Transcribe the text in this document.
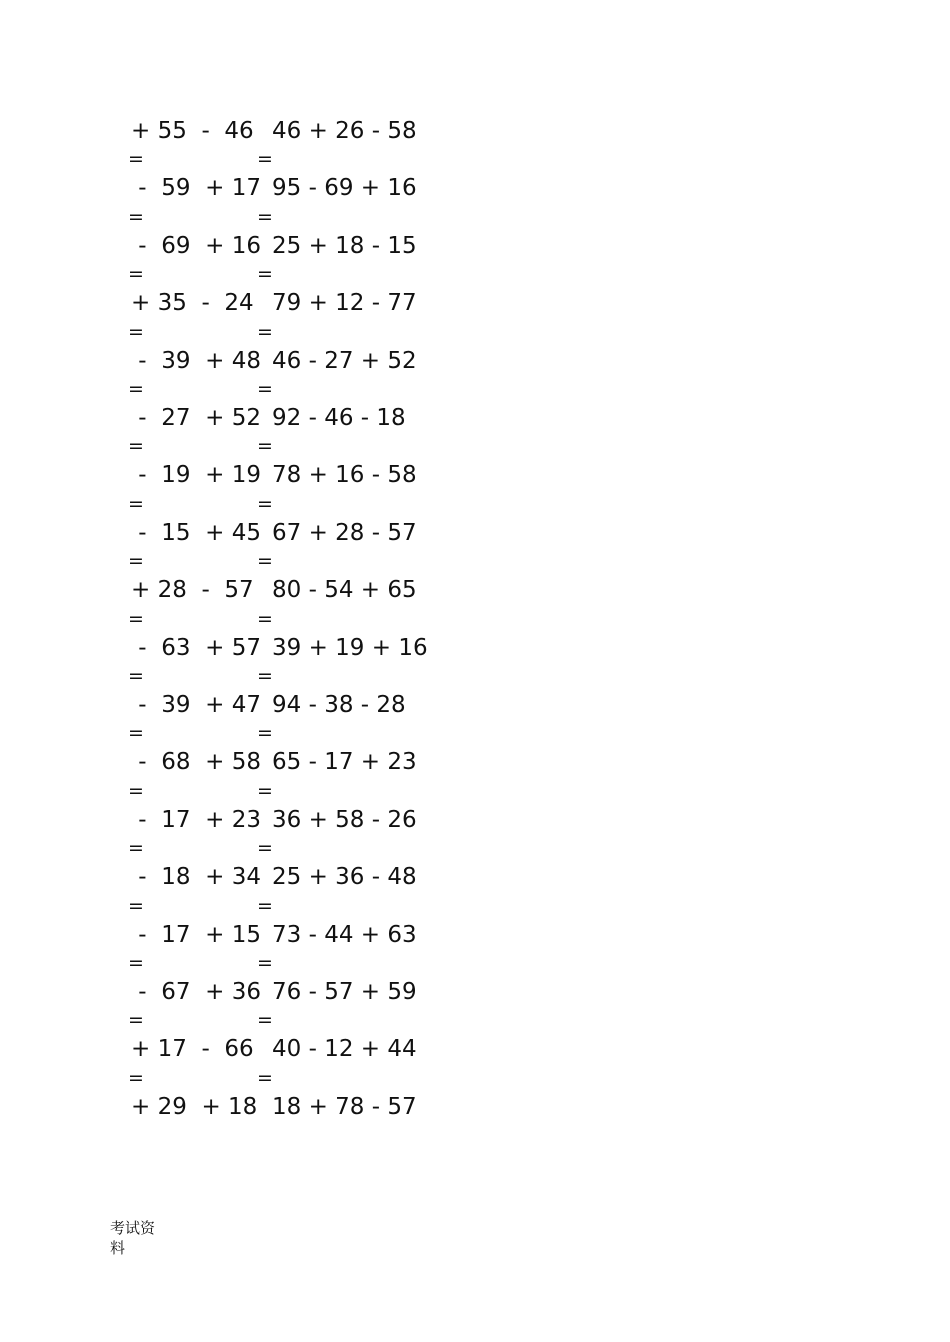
+ 55  -  46 46 + 26 - 58
=	=
-  59  + 17 95 - 69 + 16
=	=
-  69  + 16 25 + 18 - 15
=	=
+ 35  -  24 79 + 12 - 77
=	=
-  39  + 48 46 - 27 + 52
=	=
-  27  + 52 92 - 46 - 18
=	=
-  19  + 19 78 + 16 - 58
=	=
-  15  + 45 67 + 28 - 57
=	=
+ 28  -  57 80 - 54 + 65
=	=
-  63  + 57 39 + 19 + 16
=	=
-  39  + 47 94 - 38 - 28
=	=
-  68  + 58 65 - 17 + 23
=	=
-  17  + 23 36 + 58 - 26
=	=
-  18  + 34 25 + 36 - 48
=	=
-  17  + 15 73 - 44 + 63
=	=
-  67  + 36 76 - 57 + 59
=	=
+ 17  -  66 40 - 12 + 44
=	=
+ 29  + 18 18 + 78 - 57
考试资料
